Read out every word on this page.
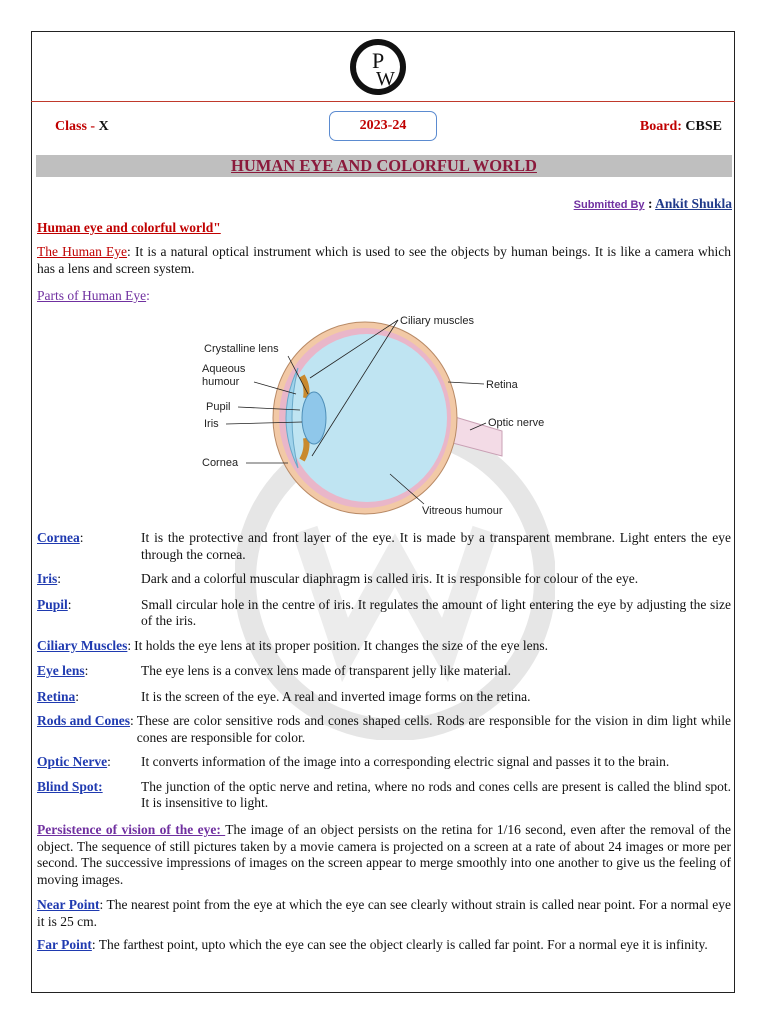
P
W
Class - X	2023-24	Board: CBSE
HUMAN EYE AND COLORFUL WORLD
Submitted By : Ankit Shukla
Human eye and colorful world"
The Human Eye: It is a natural optical instrument which is used to see the objects by human beings. It is like a camera which has a lens and screen system.
Parts of Human Eye:
Ciliary muscles
Crystalline lens
Aqueous
humour
Pupil
Iris
Cornea
Retina
Optic nerve
Vitreous humour
Cornea:	It is the protective and front layer of the eye. It is made by a transparent membrane. Light enters the eye through the cornea.
Iris:	Dark and a colorful muscular diaphragm is called iris. It is responsible for colour of the eye.
Pupil:	Small circular hole in the centre of iris. It regulates the amount of light entering the eye by adjusting the size of the iris.
Ciliary Muscles: It holds the eye lens at its proper position. It changes the size of the eye lens.
Eye lens:	The eye lens is a convex lens made of transparent jelly like material.
Retina:	It is the screen of the eye. A real and inverted image forms on the retina.
Rods and Cones: These are color sensitive rods and cones shaped cells. Rods are responsible for the vision in dim light while cones are responsible for color.
Optic Nerve:	It converts information of the image into a corresponding electric signal and passes it to the brain.
Blind Spot:	The junction of the optic nerve and retina, where no rods and cones cells are present is called the blind spot. It is insensitive to light.
Persistence of vision of the eye: The image of an object persists on the retina for 1/16 second, even after the removal of the object. The sequence of still pictures taken by a movie camera is projected on a screen at a rate of about 24 images or more per second. The successive impressions of images on the screen appear to merge smoothly into one another to give us the feeling of moving images.
Near Point: The nearest point from the eye at which the eye can see clearly without strain is called near point. For a normal eye it is 25 cm.
Far Point: The farthest point, upto which the eye can see the object clearly is called far point. For a normal eye it is infinity.
